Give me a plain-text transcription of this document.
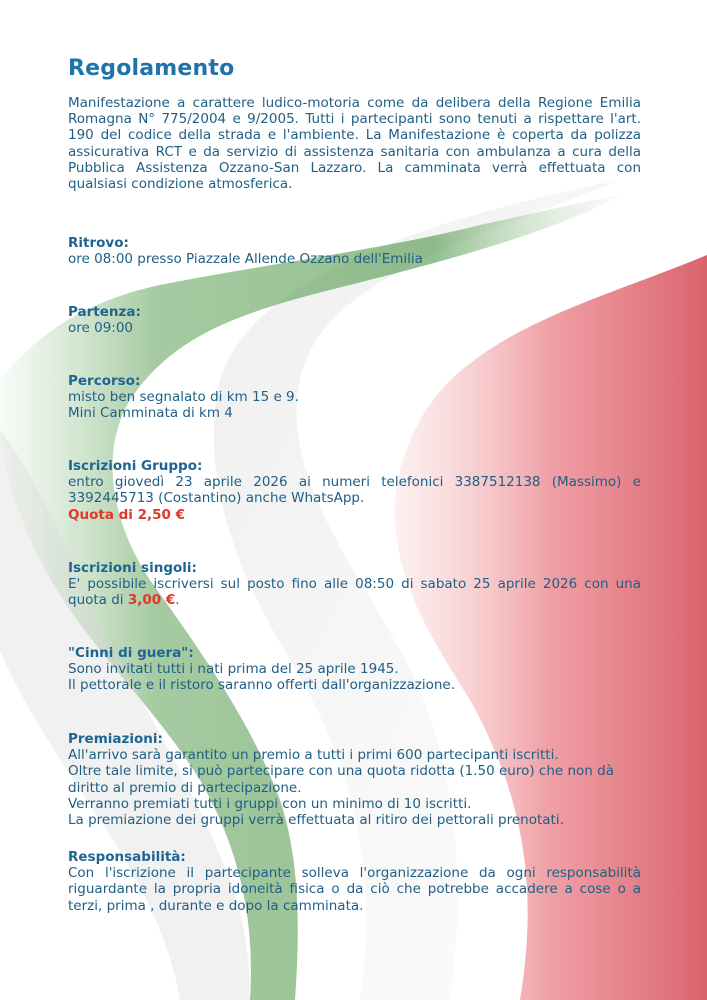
Regolamento

Manifestazione a carattere ludico-motoria come da delibera della Regione Emilia Romagna N° 775/2004 e 9/2005. Tutti i partecipanti sono tenuti a rispettare l'art. 190 del codice della strada e l'ambiente. La Manifestazione è coperta da polizza assicurativa RCT e da servizio di assistenza sanitaria con ambulanza a cura della Pubblica Assistenza Ozzano-San Lazzaro. La camminata verrà effettuata con qualsiasi condizione atmosferica.

Ritrovo:
ore 08:00 presso Piazzale Allende Ozzano dell'Emilia
Partenza:
ore 09:00
Percorso:
misto ben segnalato di km 15 e 9.
Mini Camminata di km 4
Iscrizioni Gruppo:
entro giovedì 23 aprile 2026 ai numeri telefonici 3387512138 (Massimo) e 3392445713 (Costantino) anche WhatsApp.
Quota di 2,50 €
Iscrizioni singoli:
E' possibile iscriversi sul posto fino alle 08:50 di sabato 25 aprile 2026 con una quota di 3,00 €.
"Cinni di guera":
Sono invitati tutti i nati prima del 25 aprile 1945.
Il pettorale e il ristoro saranno offerti dall'organizzazione.
Premiazioni:
All'arrivo sarà garantito un premio a tutti i primi 600 partecipanti iscritti.
Oltre tale limite, si può partecipare con una quota ridotta (1.50 euro) che non dà diritto al premio di partecipazione.
Verranno premiati tutti i gruppi con un minimo di 10 iscritti.
La premiazione dei gruppi verrà effettuata al ritiro dei pettorali prenotati.
Responsabilità:
Con l'iscrizione il partecipante solleva l'organizzazione da ogni responsabilità riguardante la propria idoneità fisica o da ciò che potrebbe accadere a cose o a terzi, prima , durante e dopo la camminata.
